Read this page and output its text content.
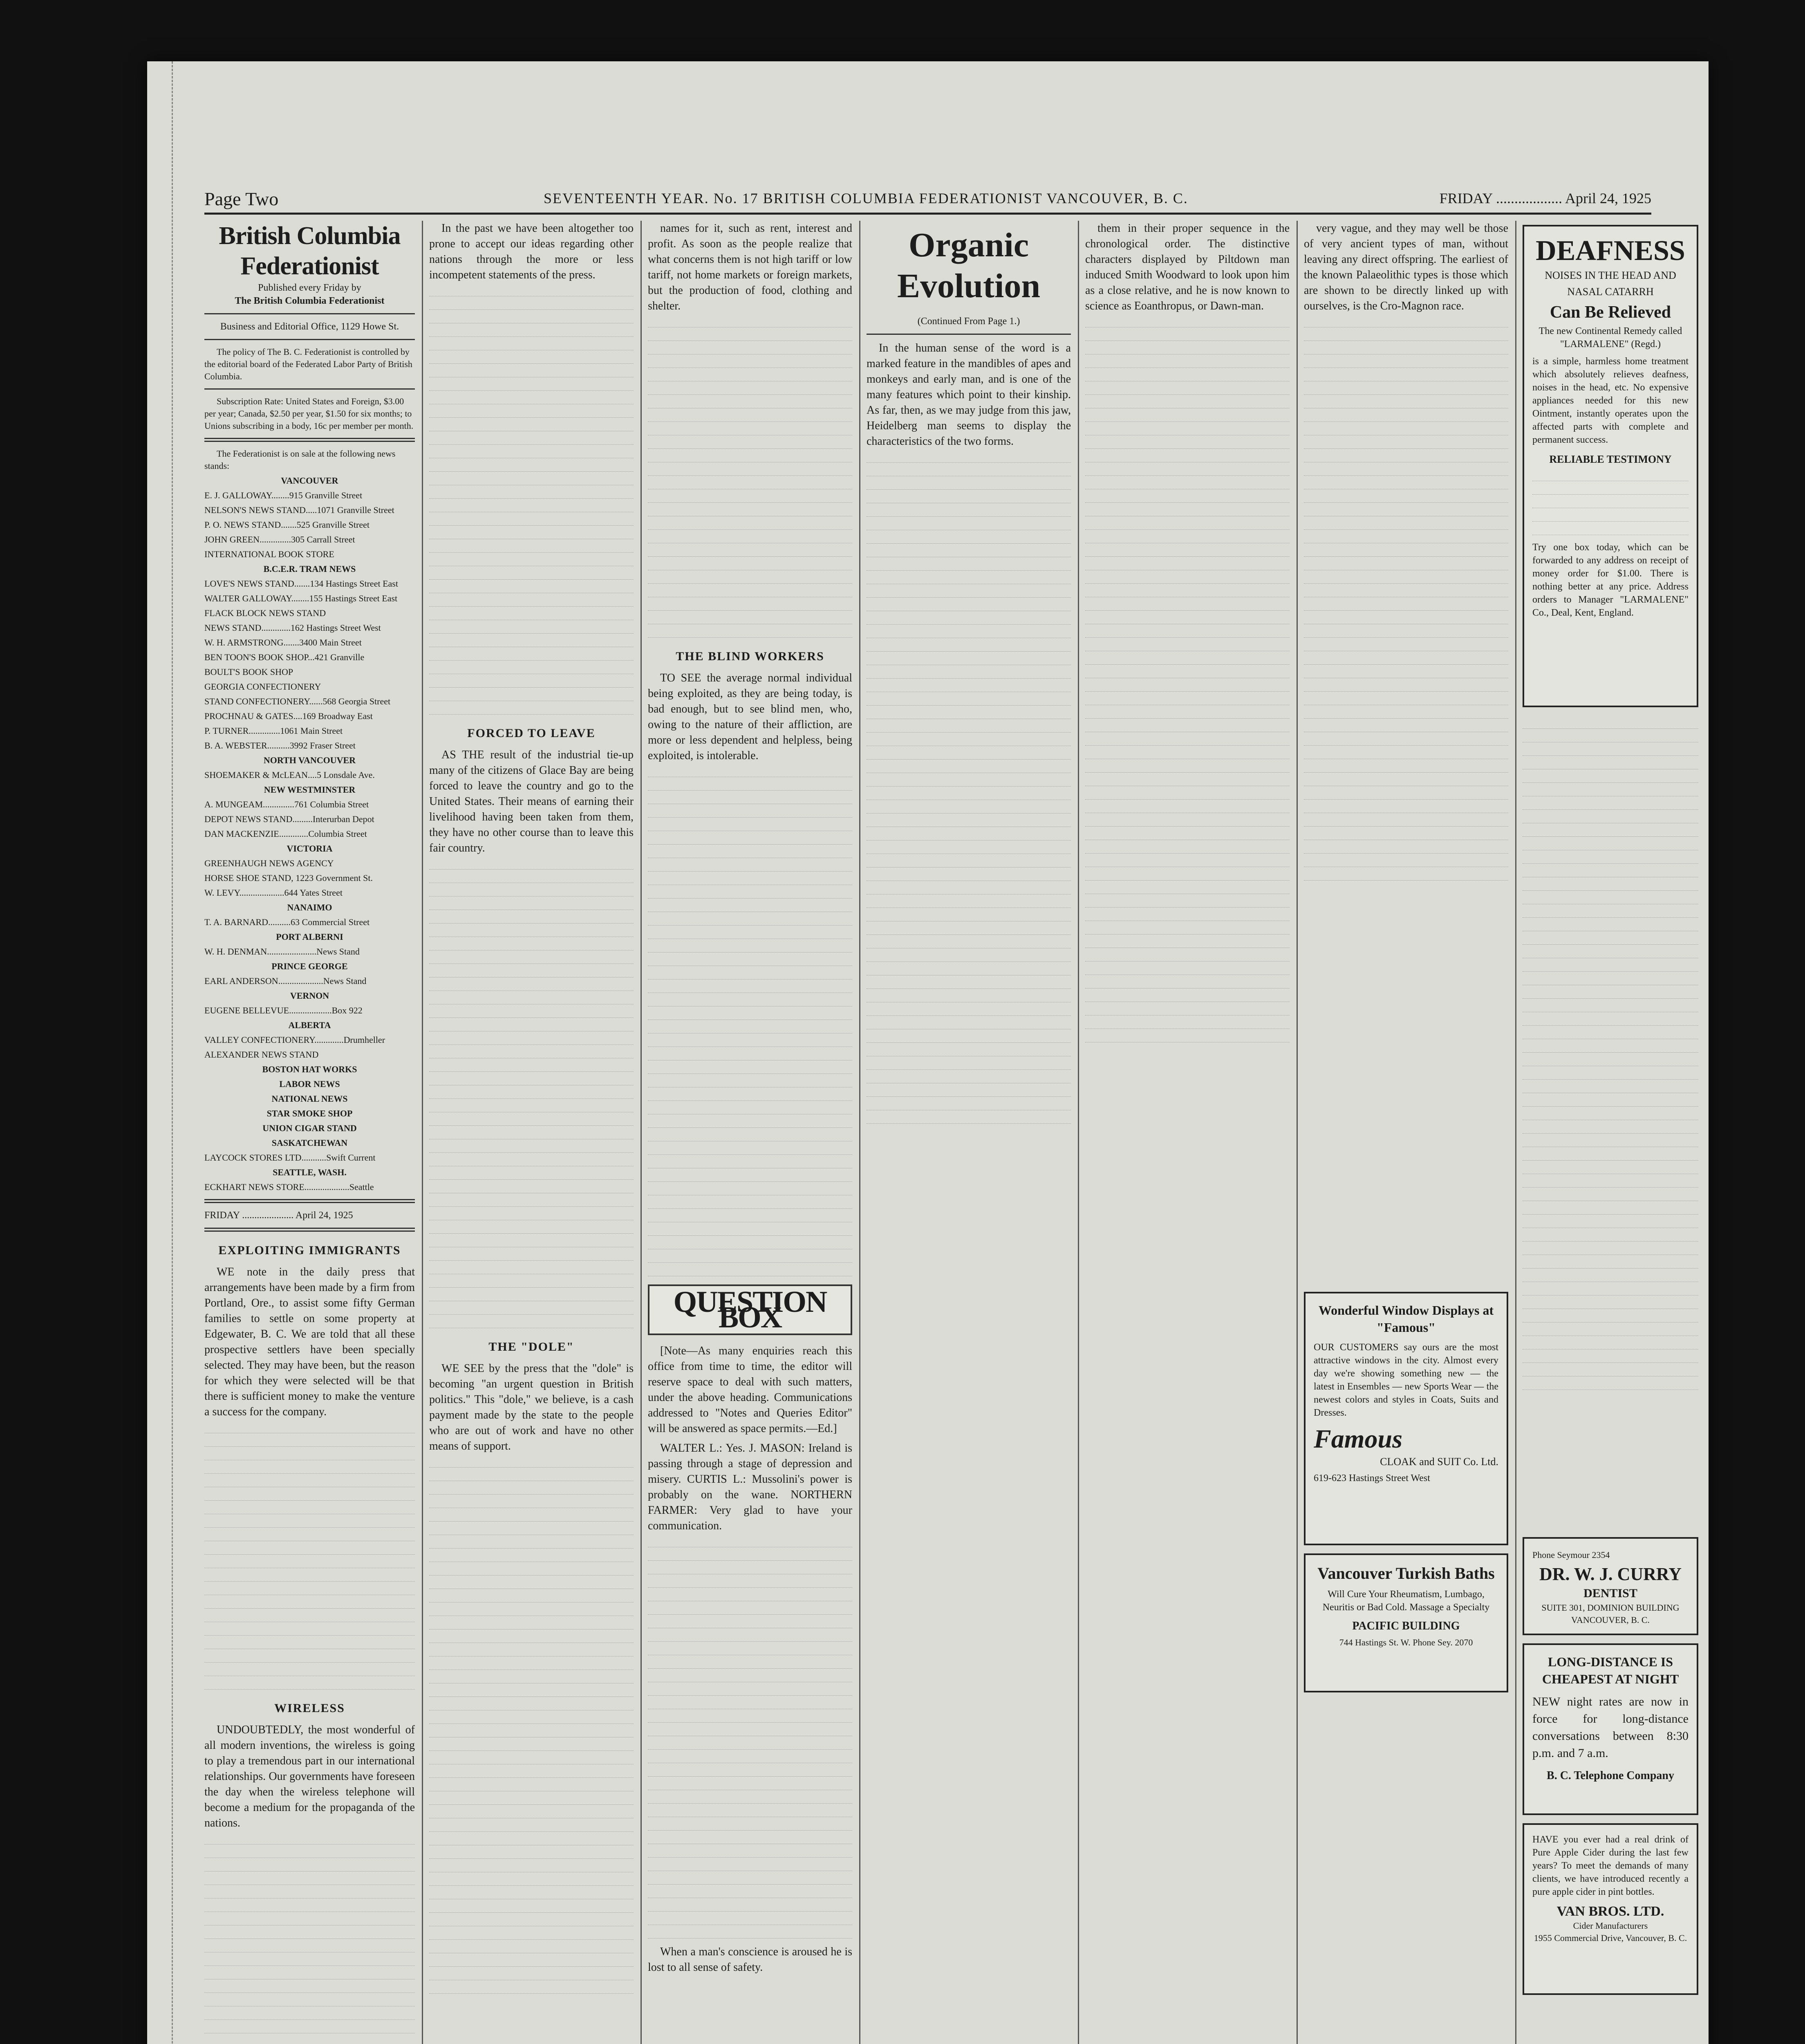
Page Two	SEVENTEENTH YEAR. No. 17 BRITISH COLUMBIA FEDERATIONIST VANCOUVER, B. C.	FRIDAY .................. April 24, 1925
British Columbia Federationist
Published every Friday by
The British Columbia Federationist
Business and Editorial Office, 1129 Howe St.

The policy of The B. C. Federationist is controlled by the editorial board of the Federated Labor Party of British Columbia.

Subscription Rate: United States and Foreign, $3.00 per year; Canada, $2.50 per year, $1.50 for six months; to Unions subscribing in a body, 16c per member per month.

The Federationist is on sale at the following news stands:

VANCOUVER
E. J. GALLOWAY........915 Granville Street
NELSON'S NEWS STAND.....1071 Granville Street
P. O. NEWS STAND.......525 Granville Street
JOHN GREEN..............305 Carrall Street
INTERNATIONAL BOOK STORE
B.C.E.R. TRAM NEWS
LOVE'S NEWS STAND.......134 Hastings Street East
WALTER GALLOWAY........155 Hastings Street East
FLACK BLOCK NEWS STAND
NEWS STAND.............162 Hastings Street West
W. H. ARMSTRONG.......3400 Main Street
BEN TOON'S BOOK SHOP...421 Granville
BOULT'S BOOK SHOP
GEORGIA CONFECTIONERY
STAND CONFECTIONERY......568 Georgia Street
PROCHNAU & GATES....169 Broadway East
P. TURNER..............1061 Main Street
B. A. WEBSTER..........3992 Fraser Street
NORTH VANCOUVER
SHOEMAKER & McLEAN....5 Lonsdale Ave.
NEW WESTMINSTER
A. MUNGEAM..............761 Columbia Street
DEPOT NEWS STAND.........Interurban Depot
DAN MACKENZIE.............Columbia Street
VICTORIA
GREENHAUGH NEWS AGENCY
HORSE SHOE STAND, 1223 Government St.
W. LEVY....................644 Yates Street
NANAIMO
T. A. BARNARD..........63 Commercial Street
PORT ALBERNI
W. H. DENMAN......................News Stand
PRINCE GEORGE
EARL ANDERSON....................News Stand
VERNON
EUGENE BELLEVUE...................Box 922
ALBERTA
VALLEY CONFECTIONERY.............Drumheller
ALEXANDER NEWS STAND
BOSTON HAT WORKS
LABOR NEWS
NATIONAL NEWS
STAR SMOKE SHOP
UNION CIGAR STAND
SASKATCHEWAN
LAYCOCK STORES LTD...........Swift Current
SEATTLE, WASH.
ECKHART NEWS STORE....................Seattle
FRIDAY ..................... April 24, 1925
EXPLOITING IMMIGRANTS

WE note in the daily press that arrangements have been made by a firm from Portland, Ore., to assist some fifty German families to settle on some property at Edgewater, B. C. We are told that all these prospective settlers have been specially selected. They may have been, but the reason for which they were selected will be that there is sufficient money to make the venture a success for the company.

WIRELESS

UNDOUBTEDLY, the most wonderful of all modern inventions, the wireless is going to play a tremendous part in our international relationships. Our governments have foreseen the day when the wireless telephone will become a medium for the propaganda of the nations.

In the past we have been altogether too prone to accept our ideas regarding other nations through the more or less incompetent statements of the press.

FORCED TO LEAVE

AS THE result of the industrial tie-up many of the citizens of Glace Bay are being forced to leave the country and go to the United States. Their means of earning their livelihood having been taken from them, they have no other course than to leave this fair country.

THE "DOLE"

WE SEE by the press that the "dole" is becoming "an urgent question in British politics." This "dole," we believe, is a cash payment made by the state to the people who are out of work and have no other means of support.

names for it, such as rent, interest and profit. As soon as the people realize that what concerns them is not high tariff or low tariff, not home markets or foreign markets, but the production of food, clothing and shelter.

THE BLIND WORKERS

TO SEE the average normal individual being exploited, as they are being today, is bad enough, but to see blind men, who, owing to the nature of their affliction, are more or less dependent and helpless, being exploited, is intolerable.

QUESTION BOX

[Note—As many enquiries reach this office from time to time, the editor will reserve space to deal with such matters, under the above heading. Communications addressed to "Notes and Queries Editor" will be answered as space permits.—Ed.]

WALTER L.: Yes. J. MASON: Ireland is passing through a stage of depression and misery. CURTIS L.: Mussolini's power is probably on the wane. NORTHERN FARMER: Very glad to have your communication.

When a man's conscience is aroused he is lost to all sense of safety.

Organic Evolution
(Continued From Page 1.)

In the human sense of the word is a marked feature in the mandibles of apes and monkeys and early man, and is one of the many features which point to their kinship. As far, then, as we may judge from this jaw, Heidelberg man seems to display the characteristics of the two forms.

them in their proper sequence in the chronological order. The distinctive characters displayed by Piltdown man induced Smith Woodward to look upon him as a close relative, and he is now known to science as Eoanthropus, or Dawn-man.

very vague, and they may well be those of very ancient types of man, without leaving any direct offspring. The earliest of the known Palaeolithic types is those which are shown to be directly linked up with ourselves, is the Cro-Magnon race.

DEAFNESS
NOISES IN THE HEAD AND NASAL CATARRH
Can Be Relieved
The new Continental Remedy called "LARMALENE" (Regd.)
is a simple, harmless home treatment which absolutely relieves deafness, noises in the head, etc. No expensive appliances needed for this new Ointment, instantly operates upon the affected parts with complete and permanent success.
RELIABLE TESTIMONY
Try one box today, which can be forwarded to any address on receipt of money order for $1.00. There is nothing better at any price. Address orders to Manager "LARMALENE" Co., Deal, Kent, England.
Phone Seymour 2354
DR. W. J. CURRY
DENTIST
SUITE 301, DOMINION BUILDING VANCOUVER, B. C.
LONG-DISTANCE IS CHEAPEST AT NIGHT
NEW night rates are now in force for long-distance conversations between 8:30 p.m. and 7 a.m.
B. C. Telephone Company
HAVE you ever had a real drink of Pure Apple Cider during the last few years? To meet the demands of many clients, we have introduced recently a pure apple cider in pint bottles.
VAN BROS. LTD.
Cider Manufacturers
1955 Commercial Drive, Vancouver, B. C.
Wonderful Window Displays at "Famous"
OUR CUSTOMERS say ours are the most attractive windows in the city. Almost every day we're showing something new — the latest in Ensembles — new Sports Wear — the newest colors and styles in Coats, Suits and Dresses.
Famous
CLOAK and SUIT Co. Ltd.
619-623 Hastings Street West
Vancouver Turkish Baths
Will Cure Your Rheumatism, Lumbago, Neuritis or Bad Cold. Massage a Specialty
PACIFIC BUILDING
744 Hastings St. W. Phone Sey. 2070
